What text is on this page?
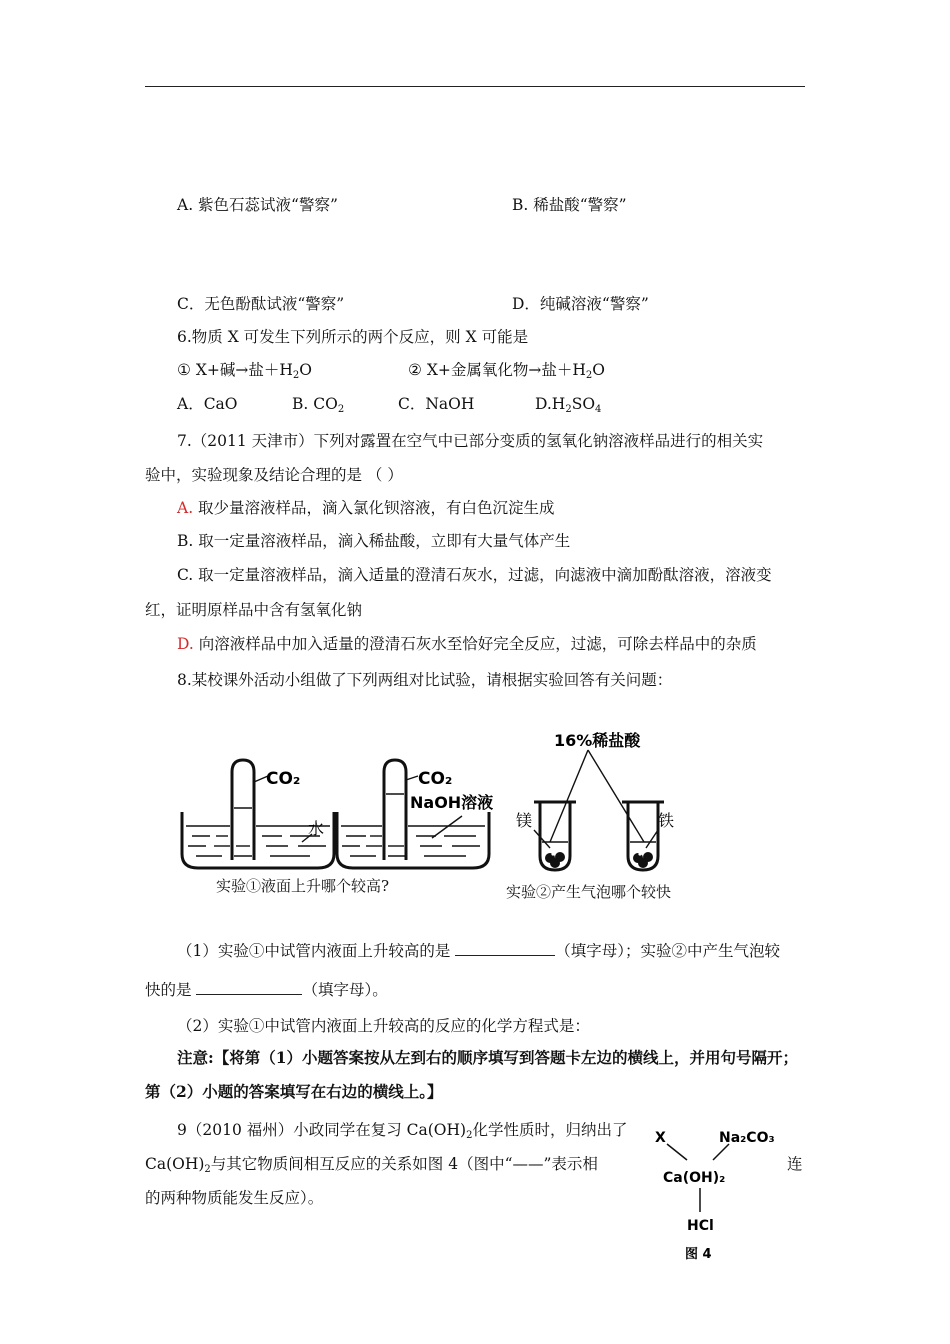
A. 紫色石蕊试液“警察”	B. 稀盐酸“警察”
C．无色酚酞试液“警察”	D．纯碱溶液“警察”
6.物质 X 可发生下列所示的两个反应，则 X 可能是
① X+碱→盐$+H_2O$	② X+金属氧化物→盐$+H_2O$
A．CaO	B. $CO_2$	C．NaOH	$D.H_2SO_4$
7.（2011 天津市）下列对露置在空气中已部分变质的氢氧化钠溶液样品进行的相关实
验中，实验现象及结论合理的是 （ ）
A. 取少量溶液样品，滴入氯化钡溶液，有白色沉淀生成
B. 取一定量溶液样品，滴入稀盐酸，立即有大量气体产生
C. 取一定量溶液样品，滴入适量的澄清石灰水，过滤，向滤液中滴加酚酞溶液，溶液变
红，证明原样品中含有氢氧化钠
D. 向溶液样品中加入适量的澄清石灰水至恰好完全反应，过滤，可除去样品中的杂质
8.某校课外活动小组做了下列两组对比试验，请根据实验回答有关问题：
CO₂
水
CO₂
NaOH溶液
16%稀盐酸
镁	铁
实验①液面上升哪个较高?	实验②产生气泡哪个较快
（1）实验①中试管内液面上升较高的是	（填字母）；实验②中产生气泡较
快的是	（填字母）。
（2）实验①中试管内液面上升较高的反应的化学方程式是：
注意:【将第（1）小题答案按从左到右的顺序填写到答题卡左边的横线上，并用句号隔开；
第（2）小题的答案填写在右边的横线上。】
9（2010 福州）小政同学在复习 $Ca(OH)_2$化学性质时，归纳出了
$Ca(OH)_2$与其它物质间相互反应的关系如图 4（图中“——”表示相	连
的两种物质能发生反应）。
X	Na₂CO₃
Ca(OH)₂
HCl
图 4
